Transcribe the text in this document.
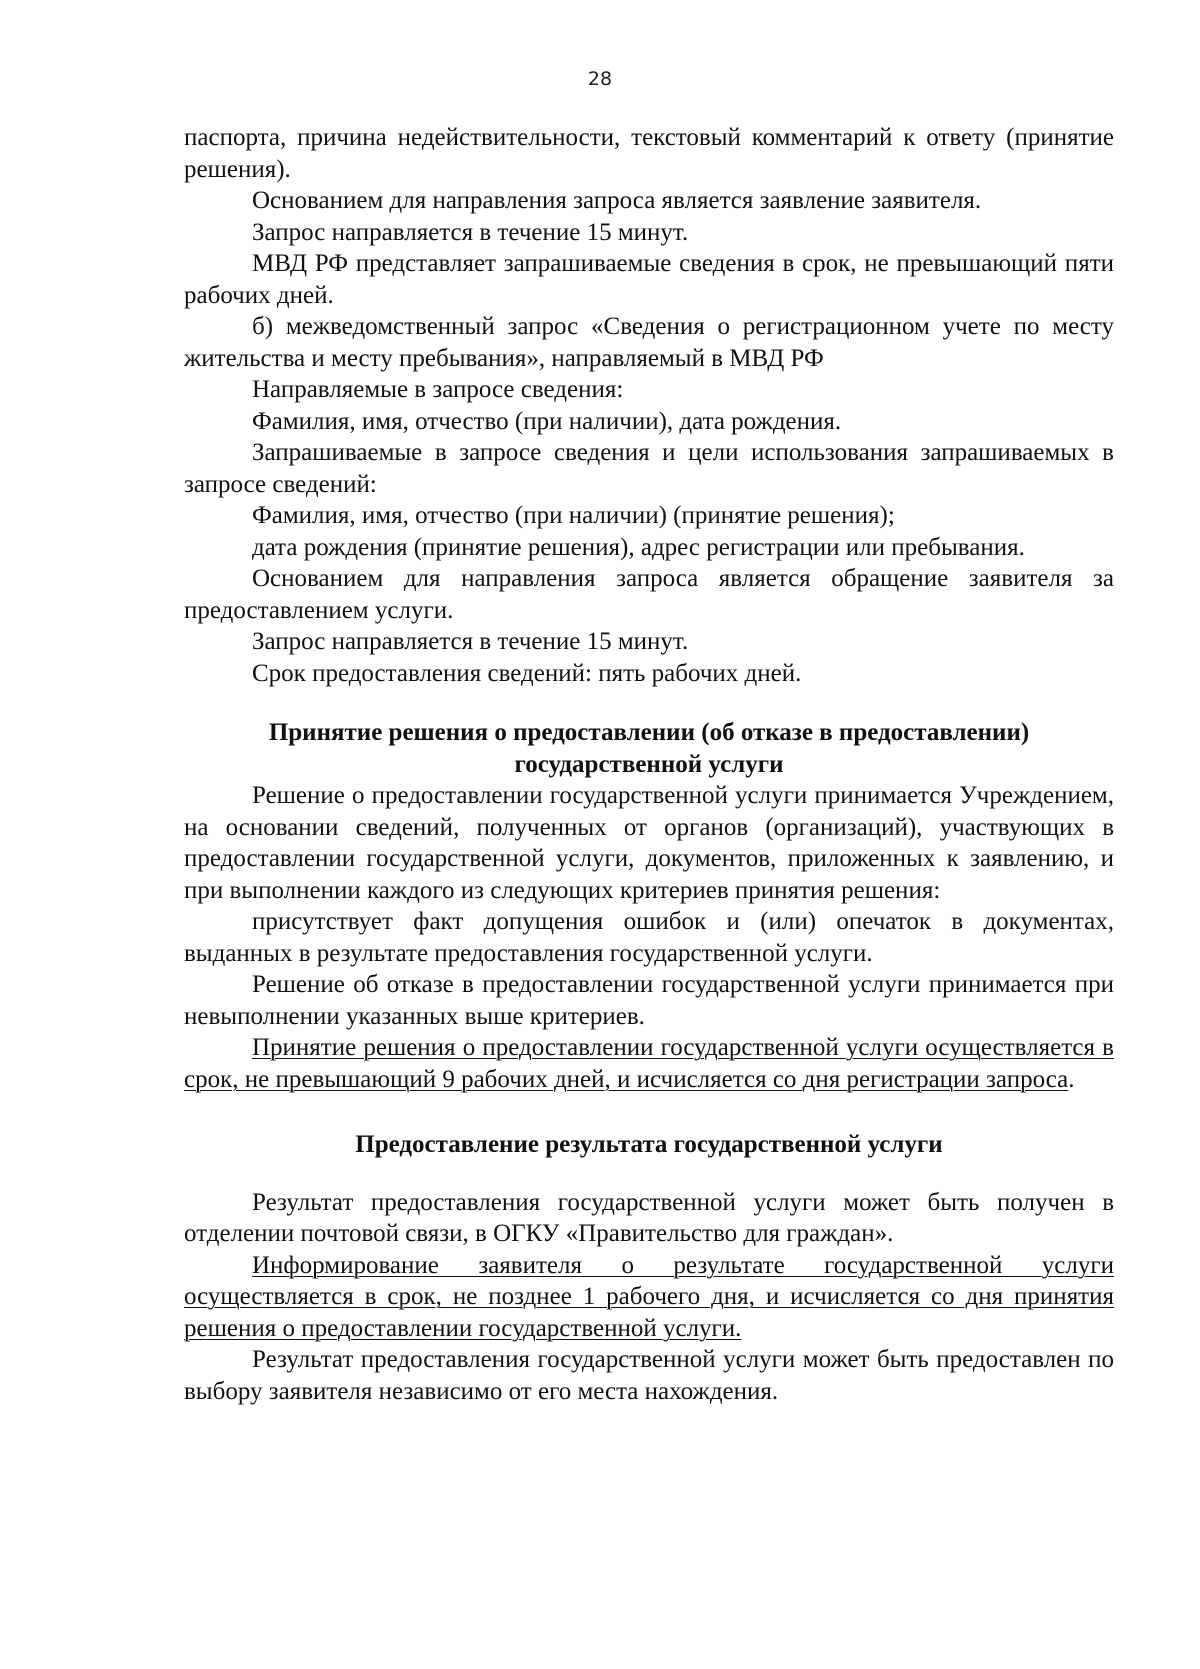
28

паспорта, причина недействительности, текстовый комментарий к ответу (принятие решения).

Основанием для направления запроса является заявление заявителя.

Запрос направляется в течение 15 минут.

МВД РФ представляет запрашиваемые сведения в срок, не превышающий пяти рабочих дней.

б) межведомственный запрос «Сведения о регистрационном учете по месту жительства и месту пребывания», направляемый в МВД РФ

Направляемые в запросе сведения:

Фамилия, имя, отчество (при наличии), дата рождения.

Запрашиваемые в запросе сведения и цели использования запрашиваемых в запросе сведений:

Фамилия, имя, отчество (при наличии) (принятие решения);

дата рождения (принятие решения), адрес регистрации или пребывания.

Основанием для направления запроса является обращение заявителя за предоставлением услуги.

Запрос направляется в течение 15 минут.

Срок предоставления сведений: пять рабочих дней.

Принятие решения о предоставлении (об отказе в предоставлении)
государственной услуги

Решение о предоставлении государственной услуги принимается Учреждением, на основании сведений, полученных от органов (организаций), участвующих в предоставлении государственной услуги, документов, приложенных к заявлению, и при выполнении каждого из следующих критериев принятия решения:

присутствует факт допущения ошибок и (или) опечаток в документах, выданных в результате предоставления государственной услуги.

Решение об отказе в предоставлении государственной услуги принимается при невыполнении указанных выше критериев.

Принятие решения о предоставлении государственной услуги осуществляется в срок, не превышающий 9 рабочих дней, и исчисляется со дня регистрации запроса.

Предоставление результата государственной услуги

Результат предоставления государственной услуги может быть получен в отделении почтовой связи, в ОГКУ «Правительство для граждан».

Информирование заявителя о результате государственной услуги осуществляется в срок, не позднее 1 рабочего дня, и исчисляется со дня принятия решения о предоставлении государственной услуги.

Результат предоставления государственной услуги может быть предоставлен по выбору заявителя независимо от его места нахождения.
